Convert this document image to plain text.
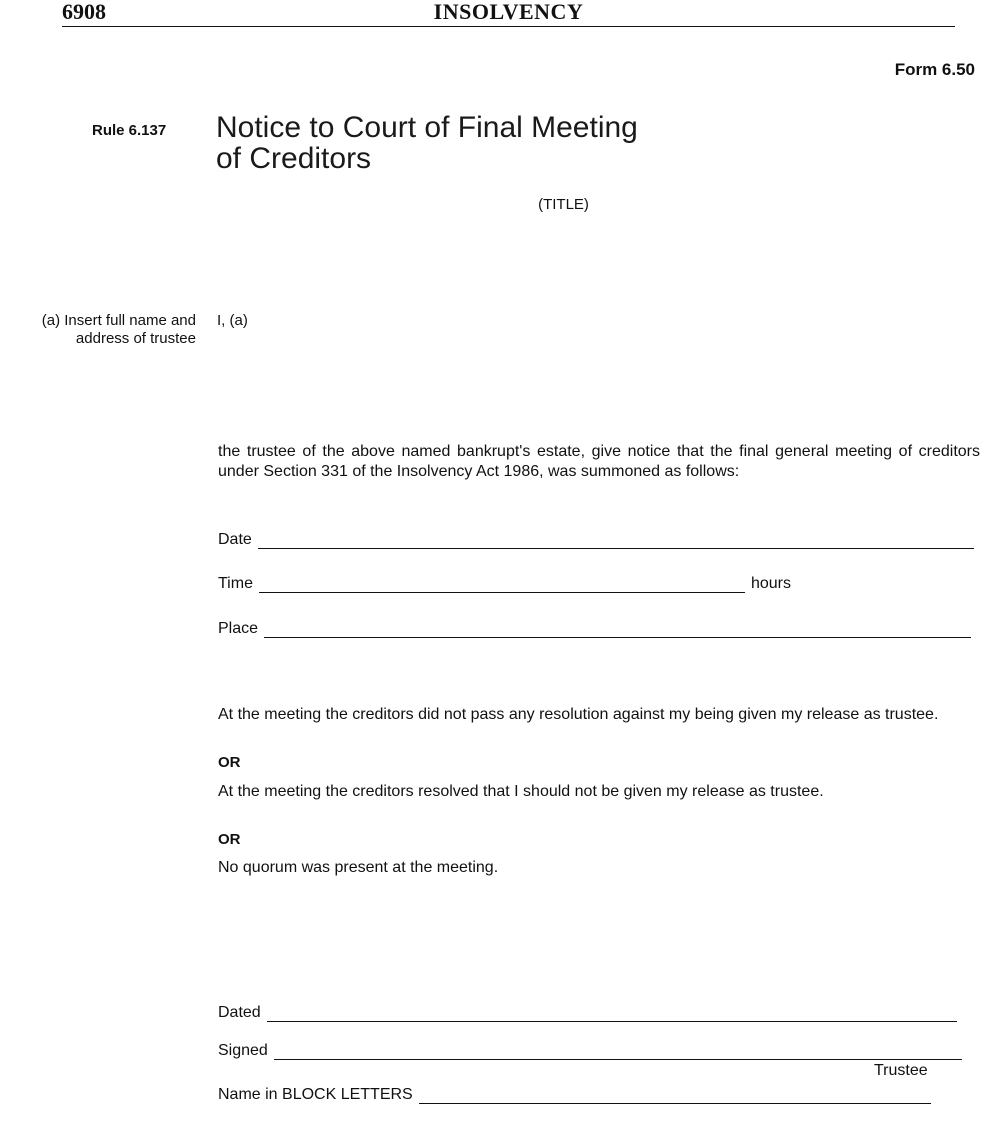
6908	INSOLVENCY
Form 6.50
Rule 6.137 Notice to Court of Final Meeting
of Creditors
(TITLE)
(a) Insert full name and
address of trustee
I, (a)
the trustee of the above named bankrupt's estate, give notice that the final general meeting of creditors under Section 331 of the Insolvency Act 1986, was summoned as follows:
Date
Time	hours
Place
At the meeting the creditors did not pass any resolution against my being given my release as trustee.
OR
At the meeting the creditors resolved that I should not be given my release as trustee.
OR
No quorum was present at the meeting.
Dated
Signed
Trustee
Name in BLOCK LETTERS
